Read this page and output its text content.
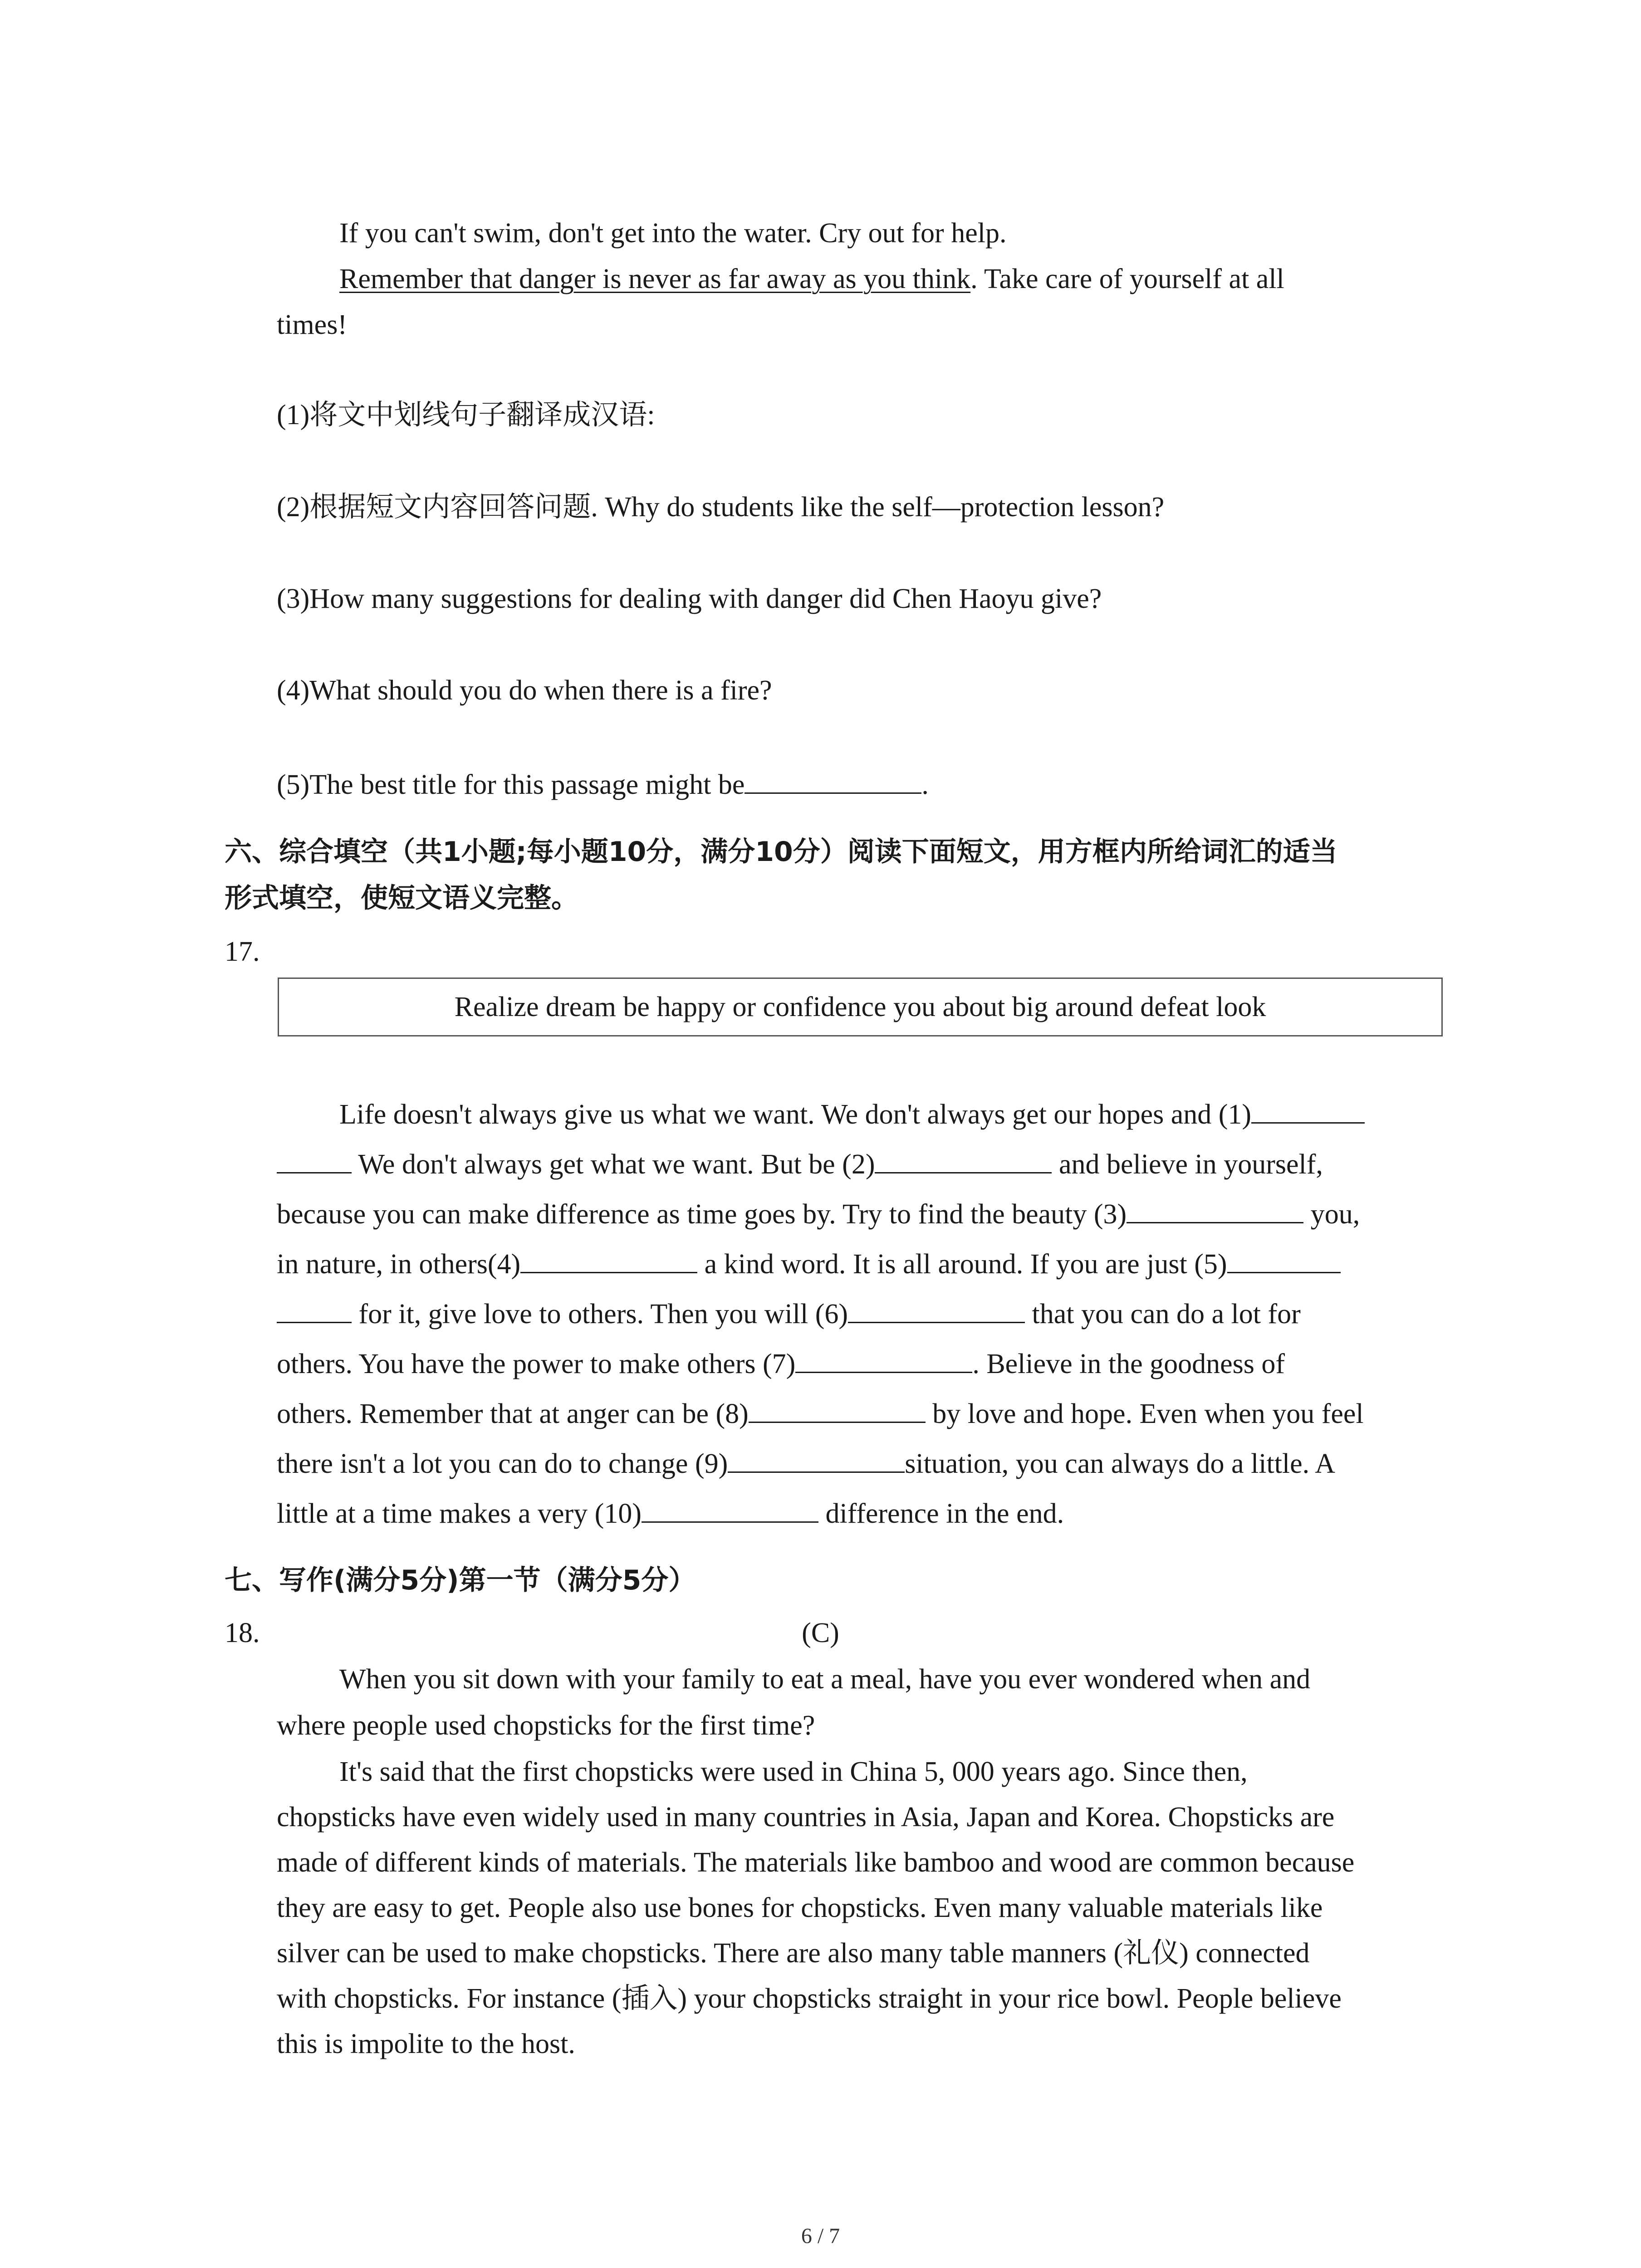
If you can't swim, don't get into the water. Cry out for help.

Remember that danger is never as far away as you think. Take care of yourself at all

times!

(1)将文中划线句子翻译成汉语:

(2)根据短文内容回答问题. Why do students like the self—protection lesson?

(3)How many suggestions for dealing with danger did Chen Haoyu give?

(4)What should you do when there is a fire?

(5)The best title for this passage might be	.

六、综合填空（共1小题;每小题10分，满分10分）阅读下面短文，用方框内所给词汇的适当
形式填空，使短文语义完整。
17.
Realize dream be happy or confidence you about big around defeat look

Life doesn't always give us what we want. We don't always get our hopes and (1)

We don't always get what we want. But be (2)	and believe in yourself,

because you can make difference as time goes by. Try to find the beauty (3)	you,

in nature, in others(4)	a kind word. It is all around. If you are just (5)

for it, give love to others. Then you will (6)	that you can do a lot for

others. You have the power to make others (7)	. Believe in the goodness of

others. Remember that at anger can be (8)	by love and hope. Even when you feel

there isn't a lot you can do to change (9)	situation, you can always do a little. A

little at a time makes a very (10)	difference in the end.

七、写作(满分5分)第一节（满分5分）
18.	(C)

When you sit down with your family to eat a meal, have you ever wondered when and

where people used chopsticks for the first time?

It's said that the first chopsticks were used in China 5, 000 years ago. Since then,

chopsticks have even widely used in many countries in Asia, Japan and Korea. Chopsticks are

made of different kinds of materials. The materials like bamboo and wood are common because

they are easy to get. People also use bones for chopsticks. Even many valuable materials like

silver can be used to make chopsticks. There are also many table manners (礼仪) connected

with chopsticks. For instance (插入) your chopsticks straight in your rice bowl. People believe

this is impolite to the host.

6 / 7
